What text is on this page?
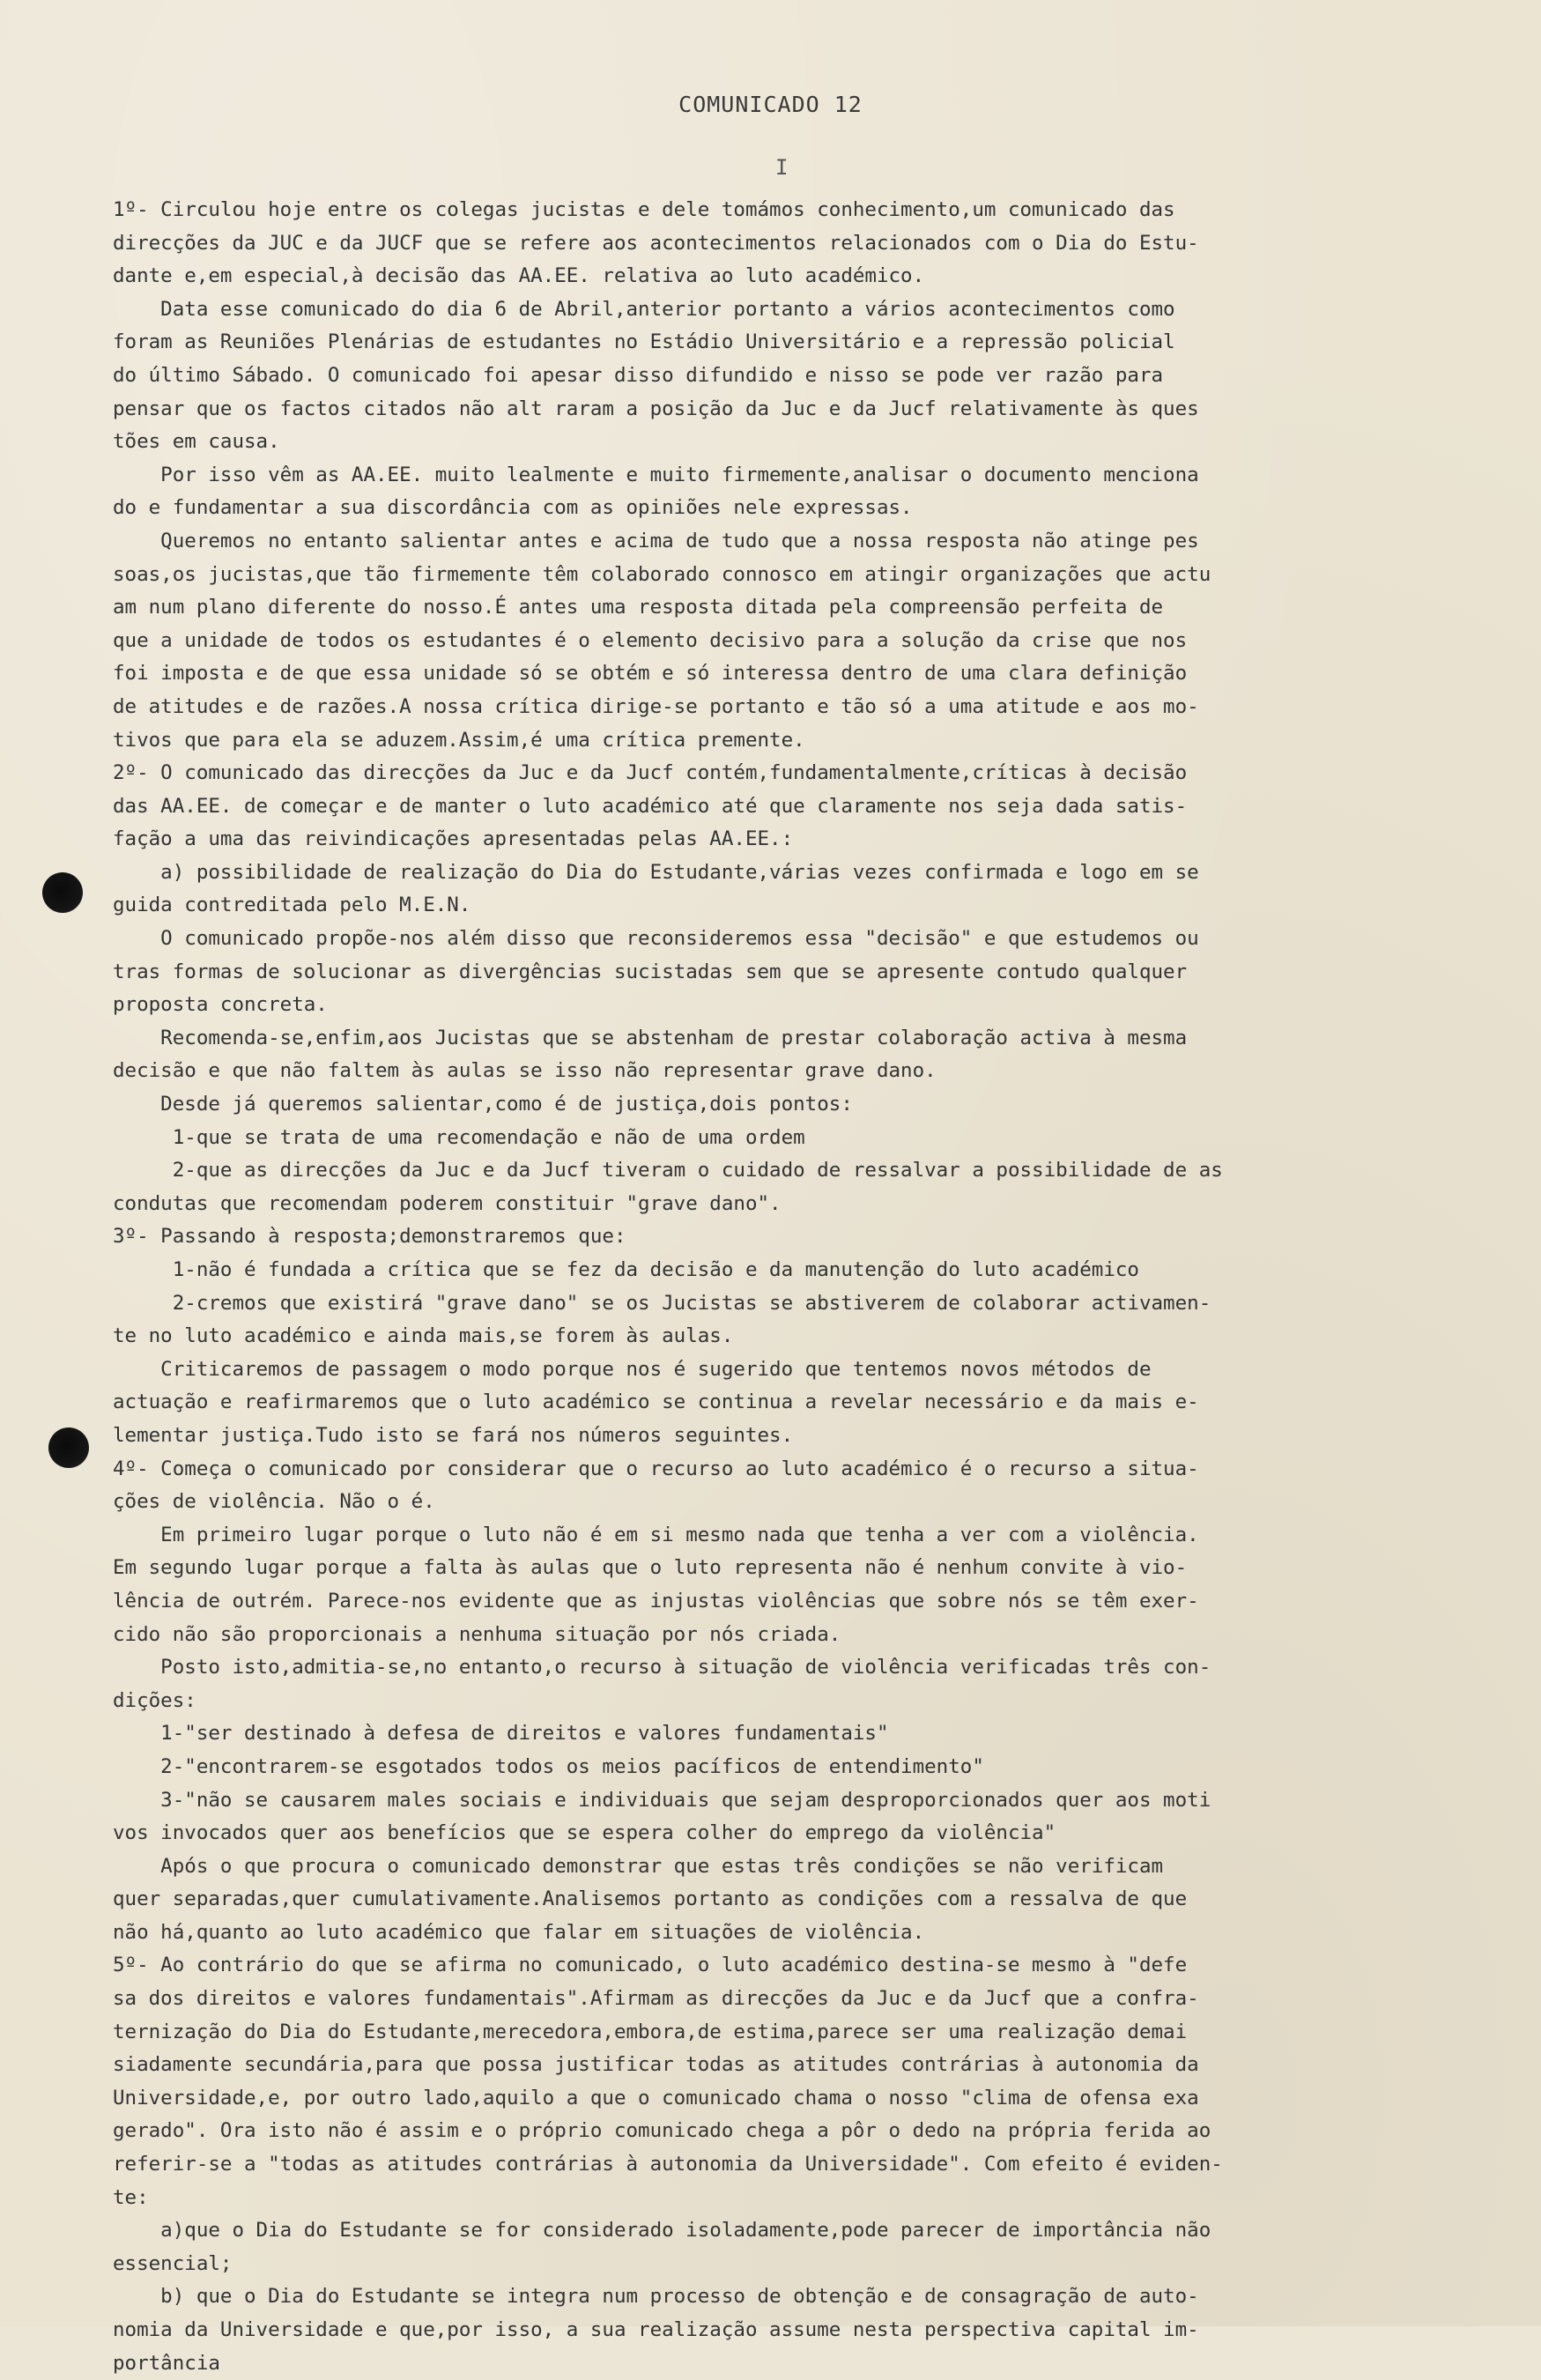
COMUNICADO 12
I
1º- Circulou hoje entre os colegas jucistas e dele tomámos conhecimento,um comunicado das
direcções da JUC e da JUCF que se refere aos acontecimentos relacionados com o Dia do Estu-
dante e,em especial,à decisão das AA.EE. relativa ao luto académico.
Data esse comunicado do dia 6 de Abril,anterior portanto a vários acontecimentos como
foram as Reuniões Plenárias de estudantes no Estádio Universitário e a repressão policial
do último Sábado. O comunicado foi apesar disso difundido e nisso se pode ver razão para
pensar que os factos citados não alt raram a posição da Juc e da Jucf relativamente às ques
tões em causa.
Por isso vêm as AA.EE. muito lealmente e muito firmemente,analisar o documento menciona
do e fundamentar a sua discordância com as opiniões nele expressas.
Queremos no entanto salientar antes e acima de tudo que a nossa resposta não atinge pes
soas,os jucistas,que tão firmemente têm colaborado connosco em atingir organizações que actu
am num plano diferente do nosso.É antes uma resposta ditada pela compreensão perfeita de
que a unidade de todos os estudantes é o elemento decisivo para a solução da crise que nos
foi imposta e de que essa unidade só se obtém e só interessa dentro de uma clara definição
de atitudes e de razões.A nossa crítica dirige-se portanto e tão só a uma atitude e aos mo-
tivos que para ela se aduzem.Assim,é uma crítica premente.
2º- O comunicado das direcções da Juc e da Jucf contém,fundamentalmente,críticas à decisão
das AA.EE. de começar e de manter o luto académico até que claramente nos seja dada satis-
fação a uma das reivindicações apresentadas pelas AA.EE.:
a) possibilidade de realização do Dia do Estudante,várias vezes confirmada e logo em se
guida contreditada pelo M.E.N.
O comunicado propõe-nos além disso que reconsideremos essa "decisão" e que estudemos ou
tras formas de solucionar as divergências sucistadas sem que se apresente contudo qualquer
proposta concreta.
Recomenda-se,enfim,aos Jucistas que se abstenham de prestar colaboração activa à mesma
decisão e que não faltem às aulas se isso não representar grave dano.
Desde já queremos salientar,como é de justiça,dois pontos:
1-que se trata de uma recomendação e não de uma ordem
2-que as direcções da Juc e da Jucf tiveram o cuidado de ressalvar a possibilidade de as
condutas que recomendam poderem constituir "grave dano".
3º- Passando à resposta;demonstraremos que:
1-não é fundada a crítica que se fez da decisão e da manutenção do luto académico
2-cremos que existirá "grave dano" se os Jucistas se abstiverem de colaborar activamen-
te no luto académico e ainda mais,se forem às aulas.
Criticaremos de passagem o modo porque nos é sugerido que tentemos novos métodos de
actuação e reafirmaremos que o luto académico se continua a revelar necessário e da mais e-
lementar justiça.Tudo isto se fará nos números seguintes.
4º- Começa o comunicado por considerar que o recurso ao luto académico é o recurso a situa-
ções de violência. Não o é.
Em primeiro lugar porque o luto não é em si mesmo nada que tenha a ver com a violência.
Em segundo lugar porque a falta às aulas que o luto representa não é nenhum convite à vio-
lência de outrém. Parece-nos evidente que as injustas violências que sobre nós se têm exer-
cido não são proporcionais a nenhuma situação por nós criada.
Posto isto,admitia-se,no entanto,o recurso à situação de violência verificadas três con-
dições:
1-"ser destinado à defesa de direitos e valores fundamentais"
2-"encontrarem-se esgotados todos os meios pacíficos de entendimento"
3-"não se causarem males sociais e individuais que sejam desproporcionados quer aos moti
vos invocados quer aos benefícios que se espera colher do emprego da violência"
Após o que procura o comunicado demonstrar que estas três condições se não verificam
quer separadas,quer cumulativamente.Analisemos portanto as condições com a ressalva de que
não há,quanto ao luto académico que falar em situações de violência.
5º- Ao contrário do que se afirma no comunicado, o luto académico destina-se mesmo à "defe
sa dos direitos e valores fundamentais".Afirmam as direcções da Juc e da Jucf que a confra-
ternização do Dia do Estudante,merecedora,embora,de estima,parece ser uma realização demai
siadamente secundária,para que possa justificar todas as atitudes contrárias à autonomia da
Universidade,e, por outro lado,aquilo a que o comunicado chama o nosso "clima de ofensa exa
gerado". Ora isto não é assim e o próprio comunicado chega a pôr o dedo na própria ferida ao
referir-se a "todas as atitudes contrárias à autonomia da Universidade". Com efeito é eviden-
te:
a)que o Dia do Estudante se for considerado isoladamente,pode parecer de importância não
essencial;
b) que o Dia do Estudante se integra num processo de obtenção e de consagração de auto-
nomia da Universidade e que,por isso, a sua realização assume nesta perspectiva capital im-
portância
